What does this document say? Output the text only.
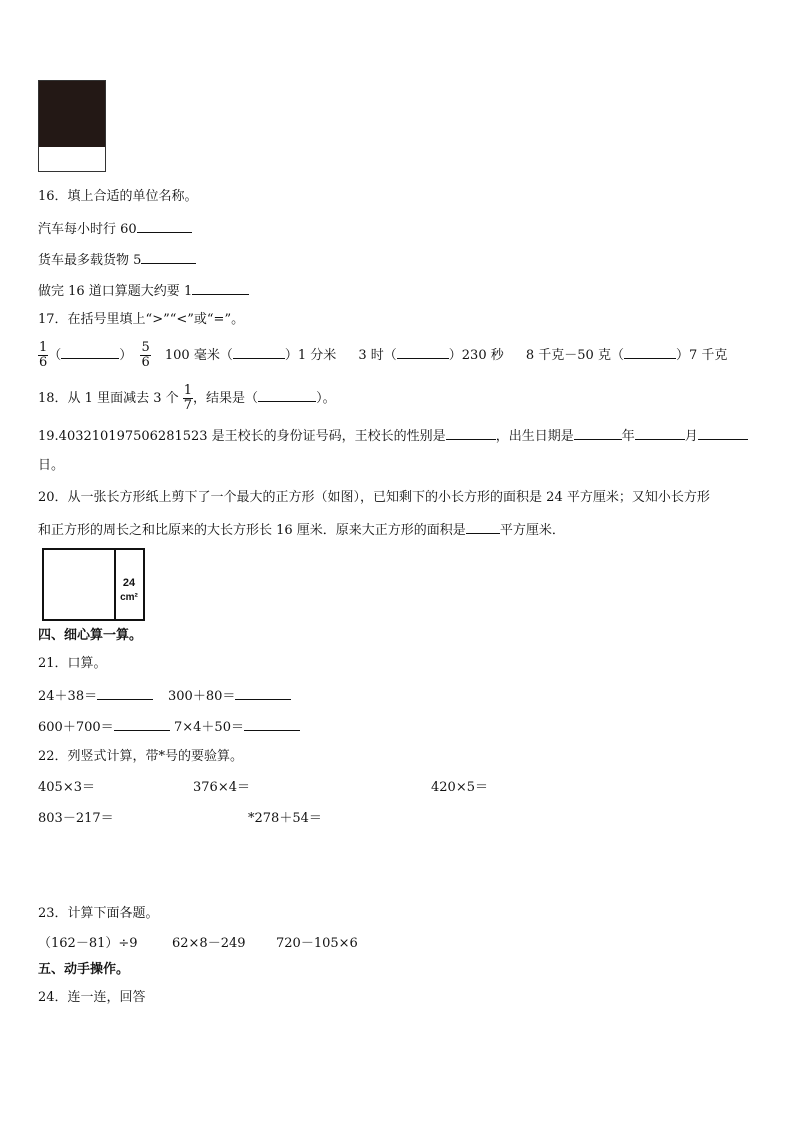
16．填上合适的单位名称。
汽车每小时行 60
货车最多载货物 5
做完 16 道口算题大约要 1
17．在括号里填上“>”“<”或“=”。
$\frac{1}{6}$ （	） $\frac{5}{6} 100$ 毫米（	）1 分米 3 时（	）230 秒 8 千克－50 克（	）7 千克
18．从 1 里面减去 3 个 $\frac{1}{7}$ ，结果是（	）。
19.403210197506281523 是王校长的身份证号码，王校长的性别是	，出生日期是	年	月
日。
20．从一张长方形纸上剪下了一个最大的正方形（如图），已知剩下的小长方形的面积是 24 平方厘米；又知小长方形
和正方形的周长之和比原来的大长方形长 16 厘米．原来大正方形的面积是	平方厘米．
24
cm²
四、细心算一算。
21．口算。
24＋38＝	300＋80＝
600＋700＝	7×4＋50＝
22．列竖式计算，带*号的要验算。
405×3＝	376×4＝	420×5＝
803－217＝	*278＋54＝
23．计算下面各题。
（162－81）÷9	62×8－249 720－105×6
五、动手操作。
24．连一连，回答
